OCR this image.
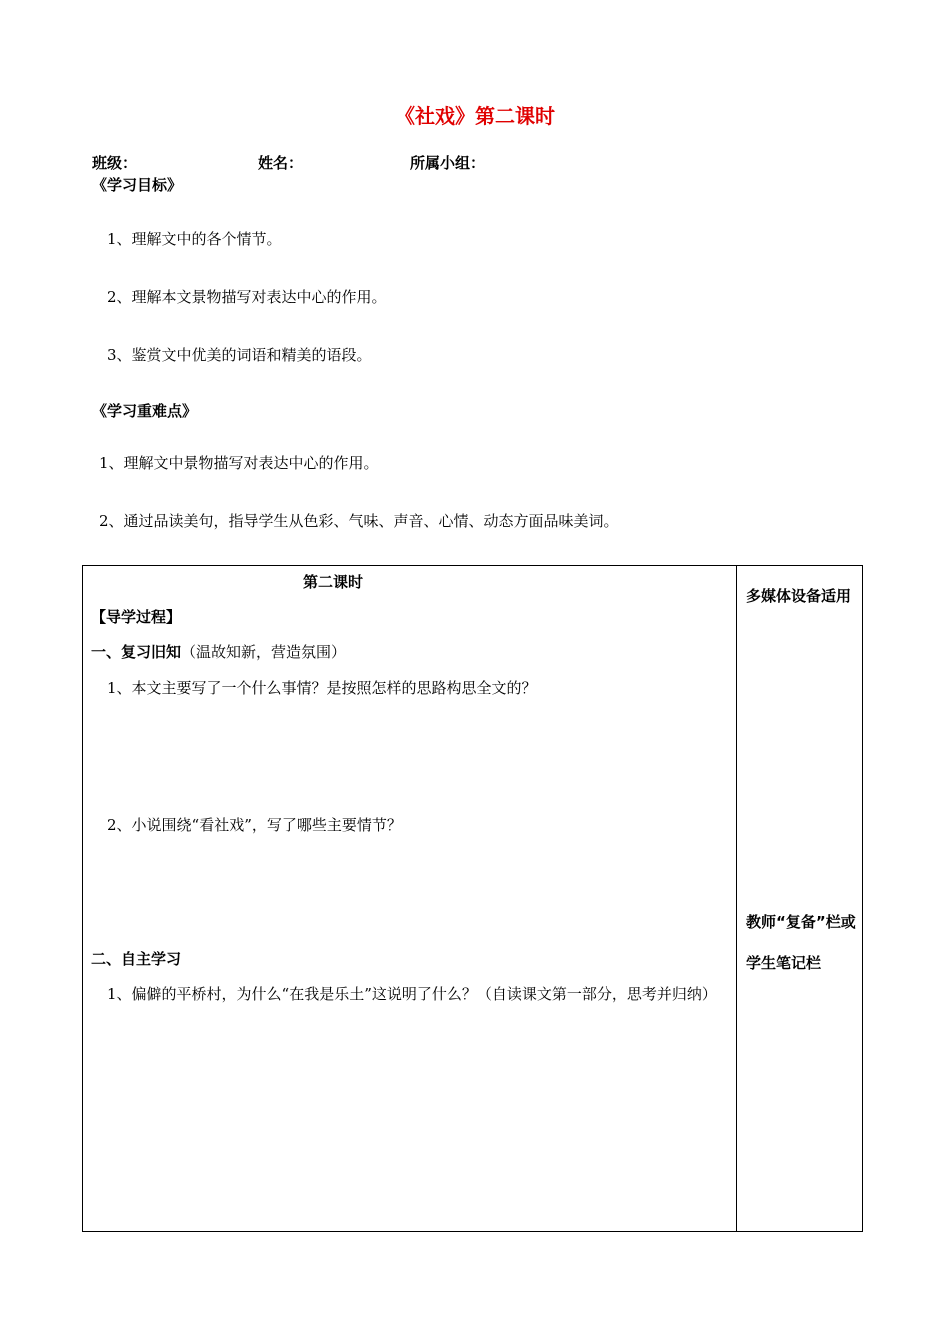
《社戏》第二课时
班级：	姓名：	所属小组：
《学习目标》
1、理解文中的各个情节。
2、理解本文景物描写对表达中心的作用。
3、鉴赏文中优美的词语和精美的语段。
《学习重难点》
1、理解文中景物描写对表达中心的作用。
2、通过品读美句，指导学生从色彩、气味、声音、心情、动态方面品味美词。
第二课时
【导学过程】
一、复习旧知（温故知新，营造氛围）
1、本文主要写了一个什么事情？是按照怎样的思路构思全文的？
2、小说围绕“看社戏”，写了哪些主要情节？
二、自主学习
1、偏僻的平桥村，为什么“在我是乐土”这说明了什么？（自读课文第一部分，思考并归纳）
多媒体设备适用
教师“复备”栏或学生笔记栏
